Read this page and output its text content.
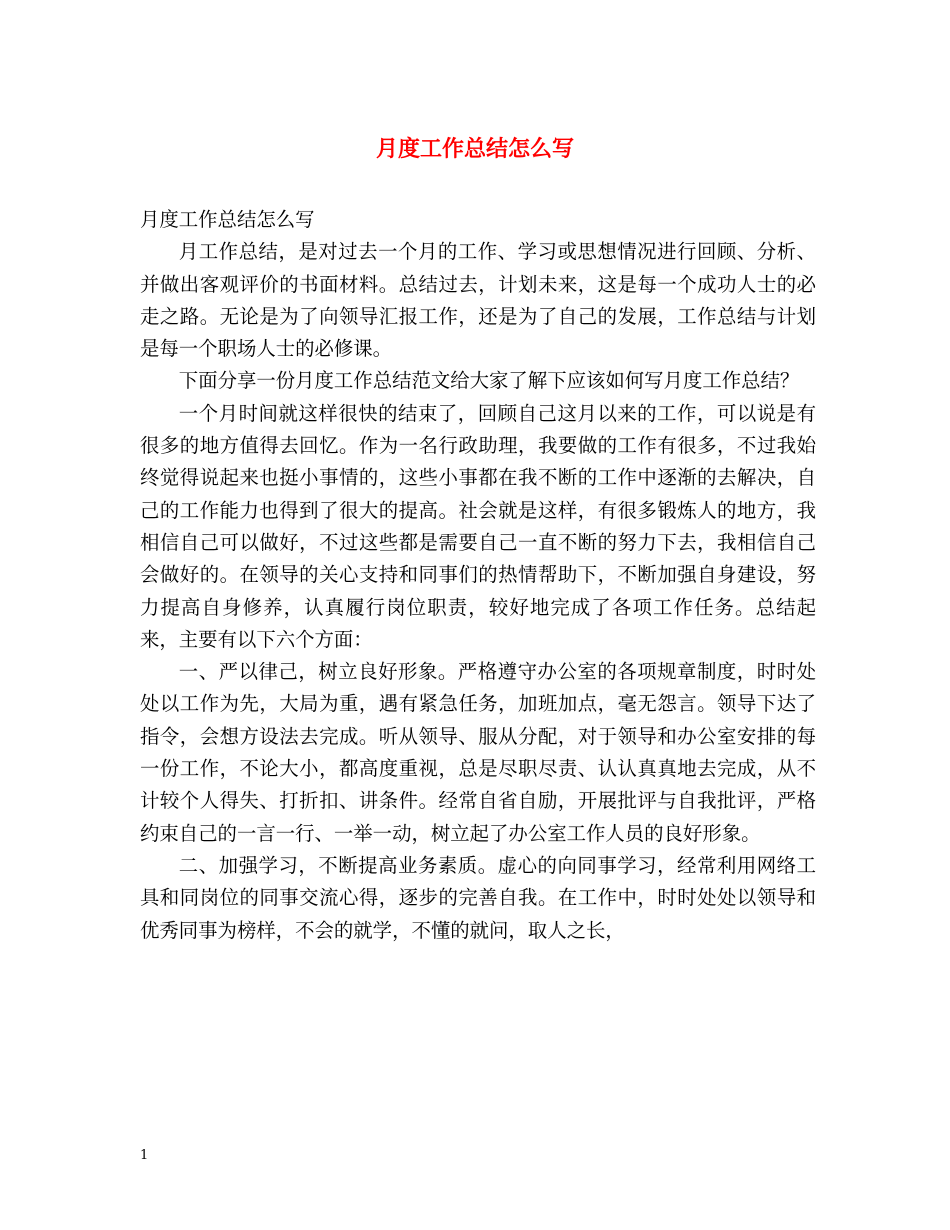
月度工作总结怎么写

月度工作总结怎么写

月工作总结，是对过去一个月的工作、学习或思想情况进行回顾、分析、并做出客观评价的书面材料。总结过去，计划未来，这是每一个成功人士的必走之路。无论是为了向领导汇报工作，还是为了自己的发展，工作总结与计划是每一个职场人士的必修课。

下面分享一份月度工作总结范文给大家了解下应该如何写月度工作总结？

一个月时间就这样很快的结束了，回顾自己这月以来的工作，可以说是有很多的地方值得去回忆。作为一名行政助理，我要做的工作有很多，不过我始终觉得说起来也挺小事情的，这些小事都在我不断的工作中逐渐的去解决，自己的工作能力也得到了很大的提高。社会就是这样，有很多锻炼人的地方，我相信自己可以做好，不过这些都是需要自己一直不断的努力下去，我相信自己会做好的。在领导的关心支持和同事们的热情帮助下，不断加强自身建设，努力提高自身修养，认真履行岗位职责，较好地完成了各项工作任务。总结起来，主要有以下六个方面：

一、严以律己，树立良好形象。严格遵守办公室的各项规章制度，时时处处以工作为先，大局为重，遇有紧急任务，加班加点，毫无怨言。领导下达了指令，会想方设法去完成。听从领导、服从分配，对于领导和办公室安排的每一份工作，不论大小，都高度重视，总是尽职尽责、认认真真地去完成，从不计较个人得失、打折扣、讲条件。经常自省自励，开展批评与自我批评，严格约束自己的一言一行、一举一动，树立起了办公室工作人员的良好形象。

二、加强学习，不断提高业务素质。虚心的向同事学习，经常利用网络工具和同岗位的同事交流心得，逐步的完善自我。在工作中，时时处处以领导和优秀同事为榜样，不会的就学，不懂的就问，取人之长，

1
